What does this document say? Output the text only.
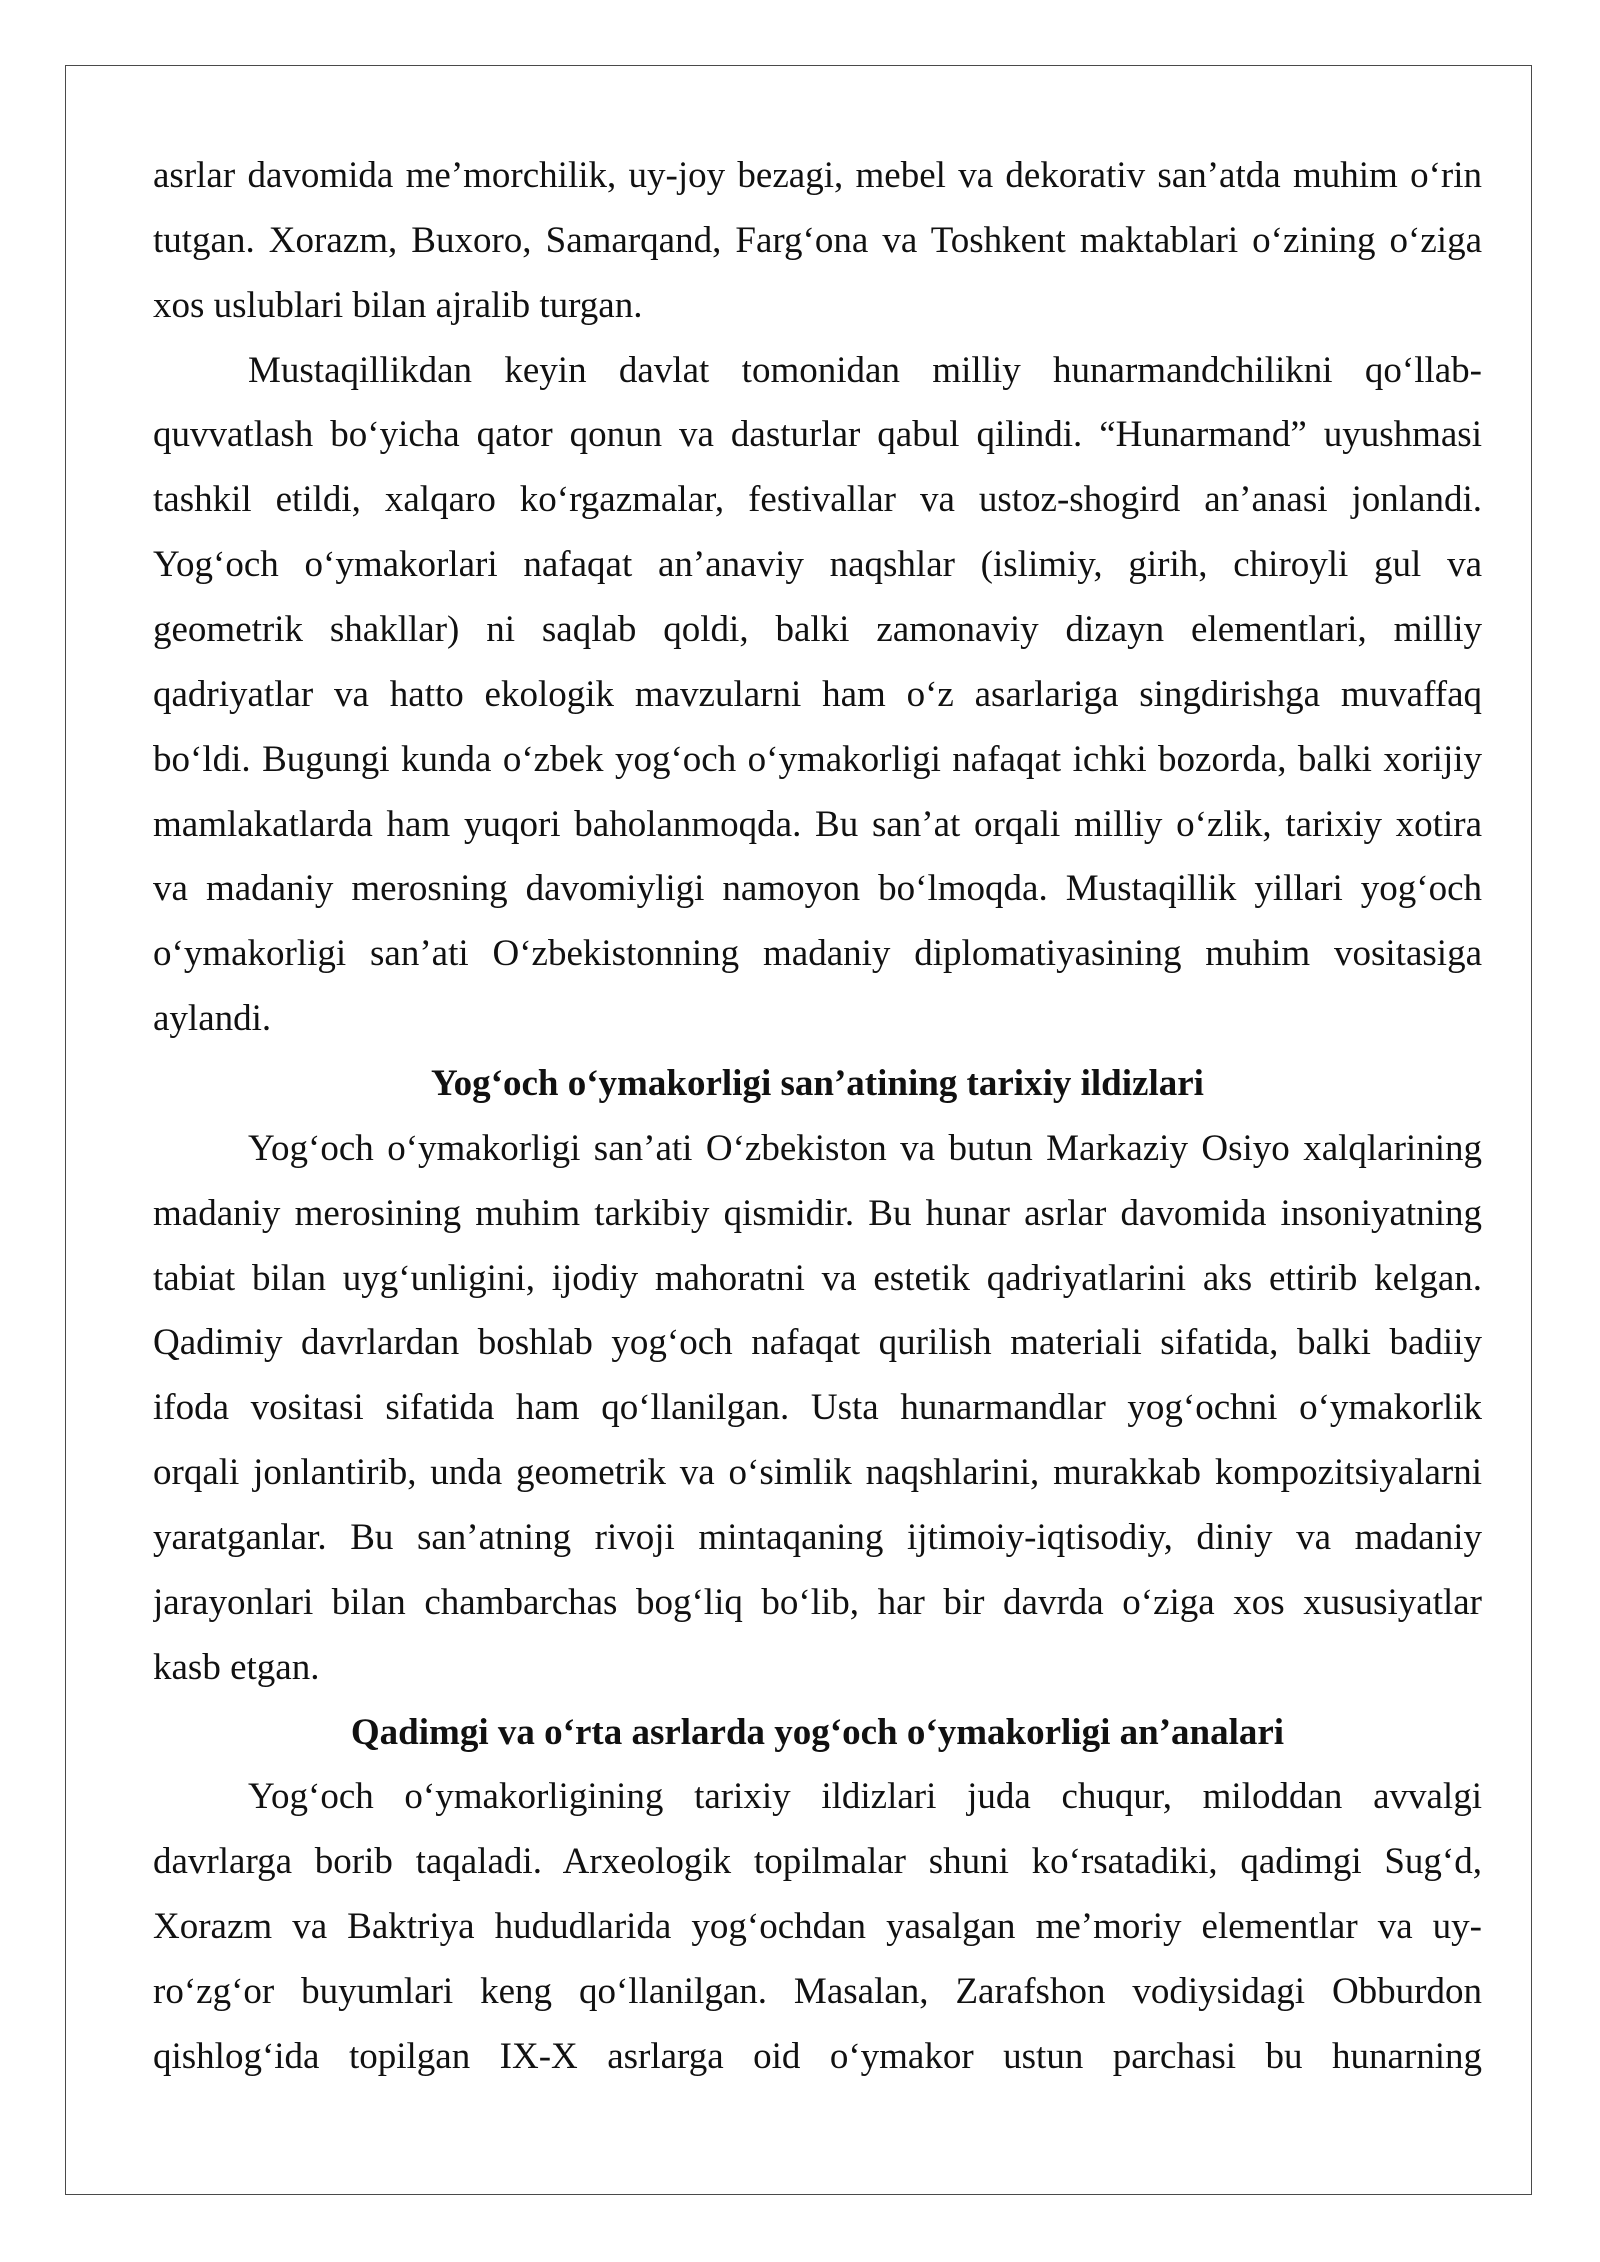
asrlar davomida me’morchilik, uy-joy bezagi, mebel va dekorativ san’atda muhim o‘rin
tutgan. Xorazm, Buxoro, Samarqand, Farg‘ona va Toshkent maktablari o‘zining o‘ziga
xos uslublari bilan ajralib turgan.
Mustaqillikdan keyin davlat tomonidan milliy hunarmandchilikni qo‘llab-
quvvatlash bo‘yicha qator qonun va dasturlar qabul qilindi. “Hunarmand” uyushmasi
tashkil etildi, xalqaro ko‘rgazmalar, festivallar va ustoz-shogird an’anasi jonlandi.
Yog‘och o‘ymakorlari nafaqat an’anaviy naqshlar (islimiy, girih, chiroyli gul va
geometrik shakllar) ni saqlab qoldi, balki zamonaviy dizayn elementlari, milliy
qadriyatlar va hatto ekologik mavzularni ham o‘z asarlariga singdirishga muvaffaq
bo‘ldi. Bugungi kunda o‘zbek yog‘och o‘ymakorligi nafaqat ichki bozorda, balki xorijiy
mamlakatlarda ham yuqori baholanmoqda. Bu san’at orqali milliy o‘zlik, tarixiy xotira
va madaniy merosning davomiyligi namoyon bo‘lmoqda. Mustaqillik yillari yog‘och
o‘ymakorligi san’ati O‘zbekistonning madaniy diplomatiyasining muhim vositasiga
aylandi.
Yog‘och o‘ymakorligi san’atining tarixiy ildizlari
Yog‘och o‘ymakorligi san’ati O‘zbekiston va butun Markaziy Osiyo xalqlarining
madaniy merosining muhim tarkibiy qismidir. Bu hunar asrlar davomida insoniyatning
tabiat bilan uyg‘unligini, ijodiy mahoratni va estetik qadriyatlarini aks ettirib kelgan.
Qadimiy davrlardan boshlab yog‘och nafaqat qurilish materiali sifatida, balki badiiy
ifoda vositasi sifatida ham qo‘llanilgan. Usta hunarmandlar yog‘ochni o‘ymakorlik
orqali jonlantirib, unda geometrik va o‘simlik naqshlarini, murakkab kompozitsiyalarni
yaratganlar. Bu san’atning rivoji mintaqaning ijtimoiy-iqtisodiy, diniy va madaniy
jarayonlari bilan chambarchas bog‘liq bo‘lib, har bir davrda o‘ziga xos xususiyatlar
kasb etgan.
Qadimgi va o‘rta asrlarda yog‘och o‘ymakorligi an’analari
Yog‘och o‘ymakorligining tarixiy ildizlari juda chuqur, miloddan avvalgi
davrlarga borib taqaladi. Arxeologik topilmalar shuni ko‘rsatadiki, qadimgi Sug‘d,
Xorazm va Baktriya hududlarida yog‘ochdan yasalgan me’moriy elementlar va uy-
ro‘zg‘or buyumlari keng qo‘llanilgan. Masalan, Zarafshon vodiysidagi Obburdon
qishlog‘ida topilgan IX-X asrlarga oid o‘ymakor ustun parchasi bu hunarning
